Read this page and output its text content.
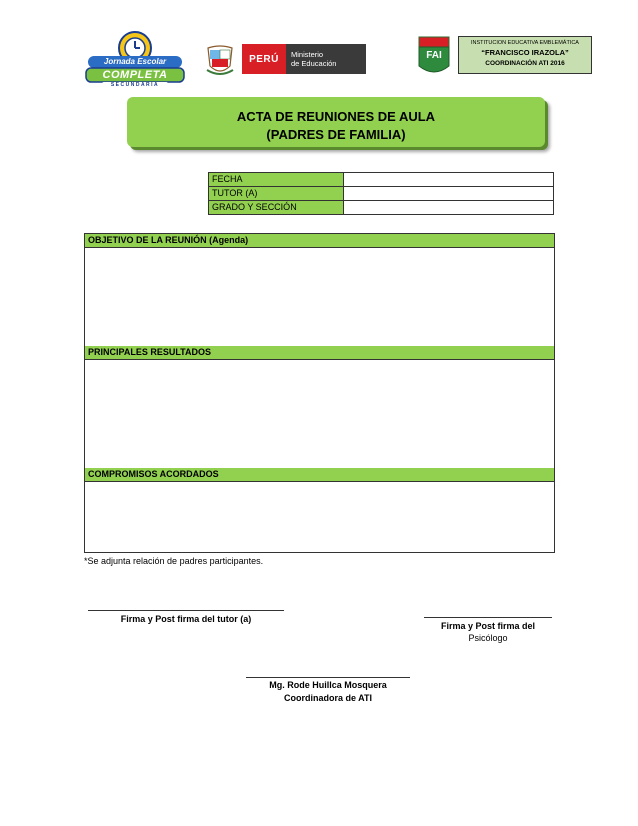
Jornada Escolar
COMPLETA
SECUNDARIA
PERÚ	Ministerio
de Educación
FAI
INSTITUCION EDUCATIVA EMBLEMÁTICA
“FRANCISCO IRAZOLA”
COORDINACIÓN ATI 2016
ACTA DE REUNIONES DE AULA
(PADRES DE FAMILIA)
FECHA	
TUTOR (A)	
GRADO Y SECCIÓN	
OBJETIVO DE LA REUNIÓN (Agenda)
PRINCIPALES RESULTADOS
COMPROMISOS ACORDADOS
*Se adjunta relación de padres participantes.
Firma y Post firma del tutor (a)
Firma y Post firma del
Psicólogo
Mg. Rode Huillca Mosquera
Coordinadora de ATI
